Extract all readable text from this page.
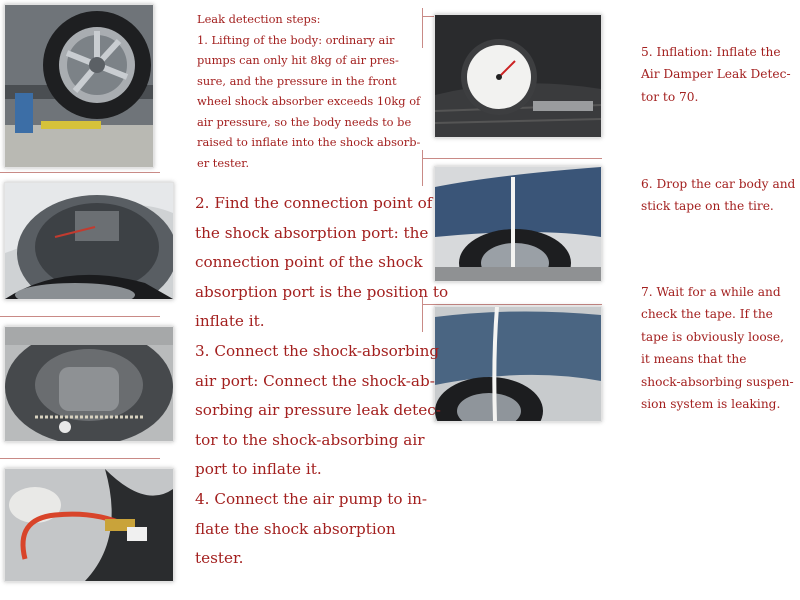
Leak detection steps:
1. Lifting of the body: ordinary air
pumps can only hit 8kg of air pres-
sure, and the pressure in the front
wheel shock absorber exceeds 10kg of
air pressure, so the body needs to be
raised to inflate into the shock absorb-
er tester.
2. Find the connection point of
the shock absorption port: the
connection point of the shock
absorption port is the position to
inflate it.
3. Connect the shock-absorbing
air port: Connect the shock-ab-
sorbing air pressure leak detec-
tor to the shock-absorbing air
port to inflate it.
4. Connect the air pump to in-
flate the shock absorption
tester.
5. Inflation: Inflate the
Air Damper Leak Detec-
tor to 70.
6. Drop the car body and
stick tape on the tire.
7. Wait for a while and
check the tape. If the
tape is obviously loose,
it means that the
shock-absorbing suspen-
sion system is leaking.
